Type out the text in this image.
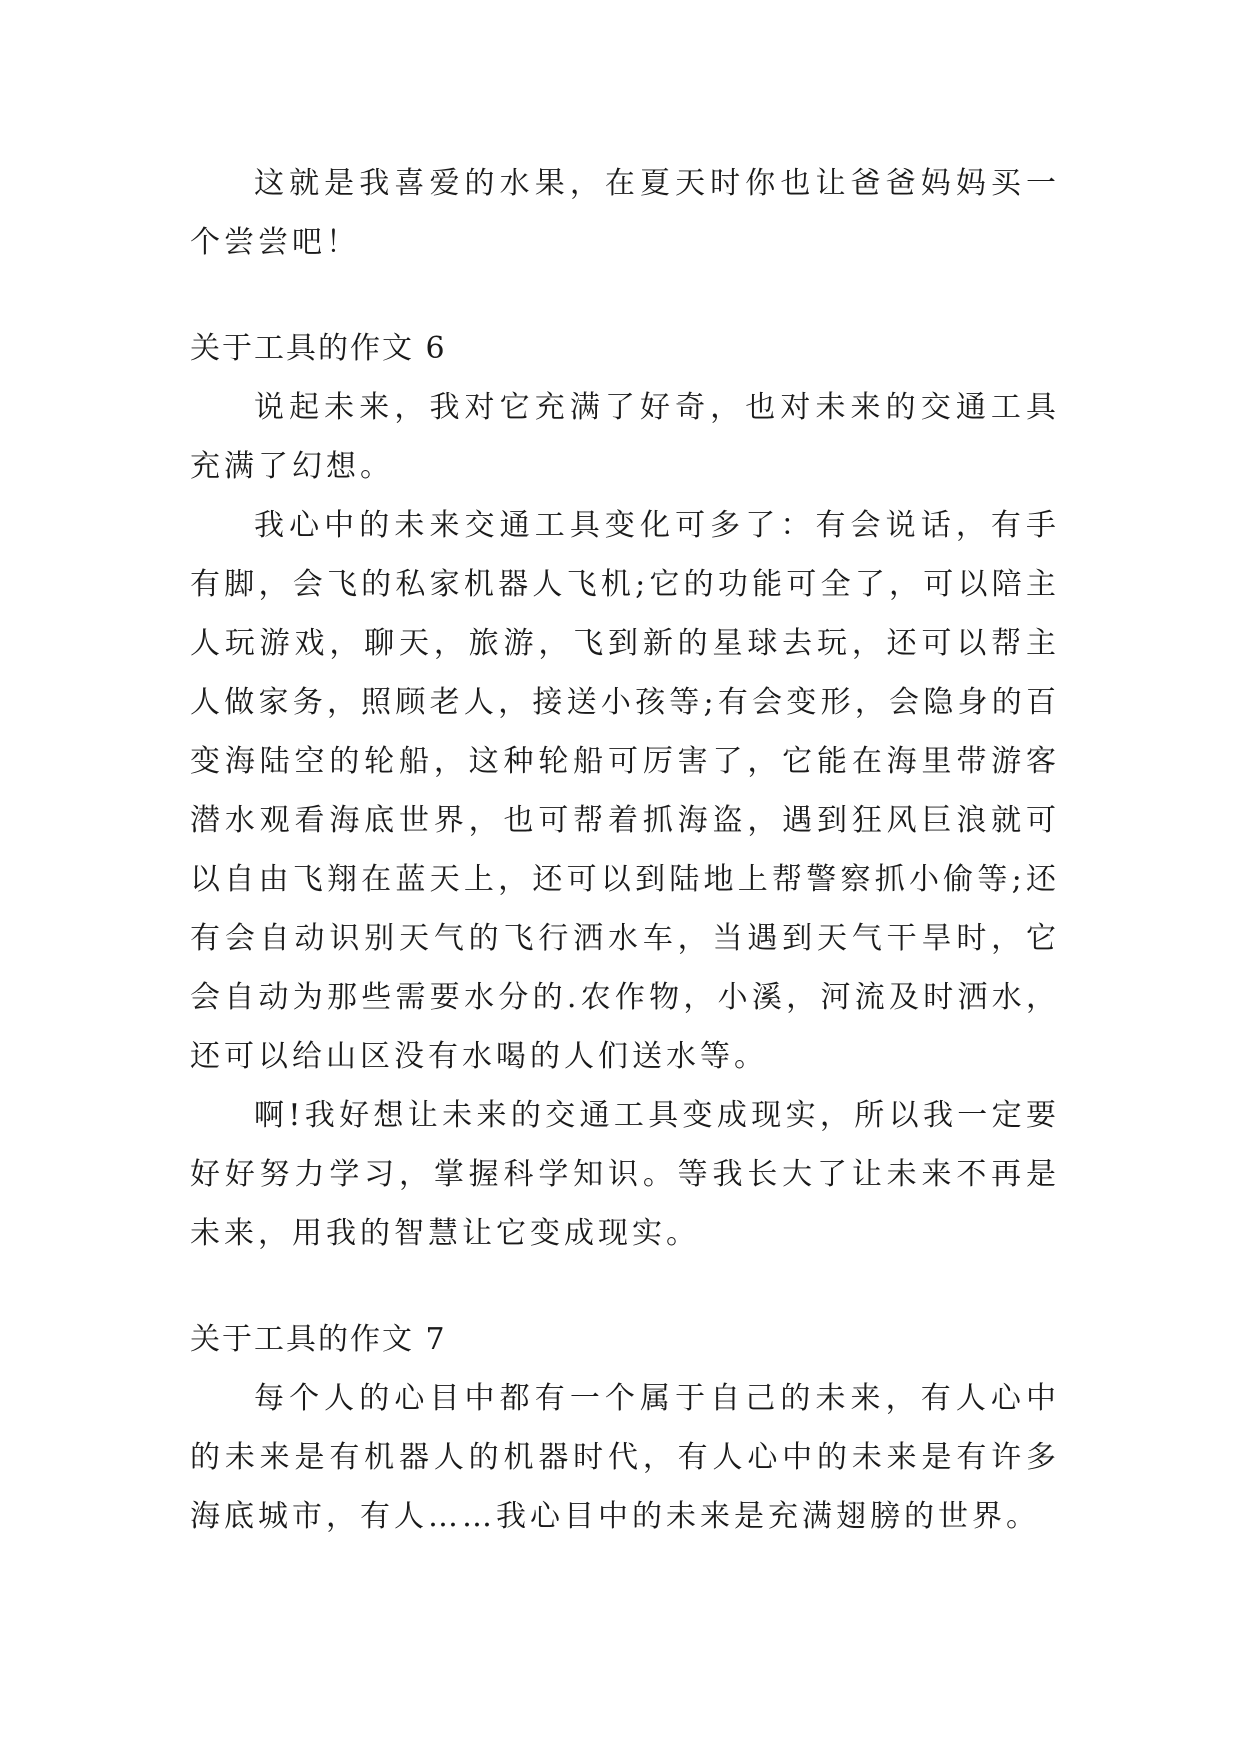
这就是我喜爱的水果，在夏天时你也让爸爸妈妈买一个尝尝吧！

关于工具的作文 6

说起未来，我对它充满了好奇，也对未来的交通工具充满了幻想。

我心中的未来交通工具变化可多了：有会说话，有手有脚，会飞的私家机器人飞机;它的功能可全了，可以陪主人玩游戏，聊天，旅游，飞到新的星球去玩，还可以帮主人做家务，照顾老人，接送小孩等;有会变形，会隐身的百变海陆空的轮船，这种轮船可厉害了，它能在海里带游客潜水观看海底世界，也可帮着抓海盗，遇到狂风巨浪就可以自由飞翔在蓝天上，还可以到陆地上帮警察抓小偷等;还有会自动识别天气的飞行洒水车，当遇到天气干旱时，它会自动为那些需要水分的.农作物，小溪，河流及时洒水，还可以给山区没有水喝的人们送水等。

啊!我好想让未来的交通工具变成现实，所以我一定要好好努力学习，掌握科学知识。等我长大了让未来不再是未来，用我的智慧让它变成现实。

关于工具的作文 7

每个人的心目中都有一个属于自己的未来，有人心中的未来是有机器人的机器时代，有人心中的未来是有许多海底城市，有人……我心目中的未来是充满翅膀的世界。
